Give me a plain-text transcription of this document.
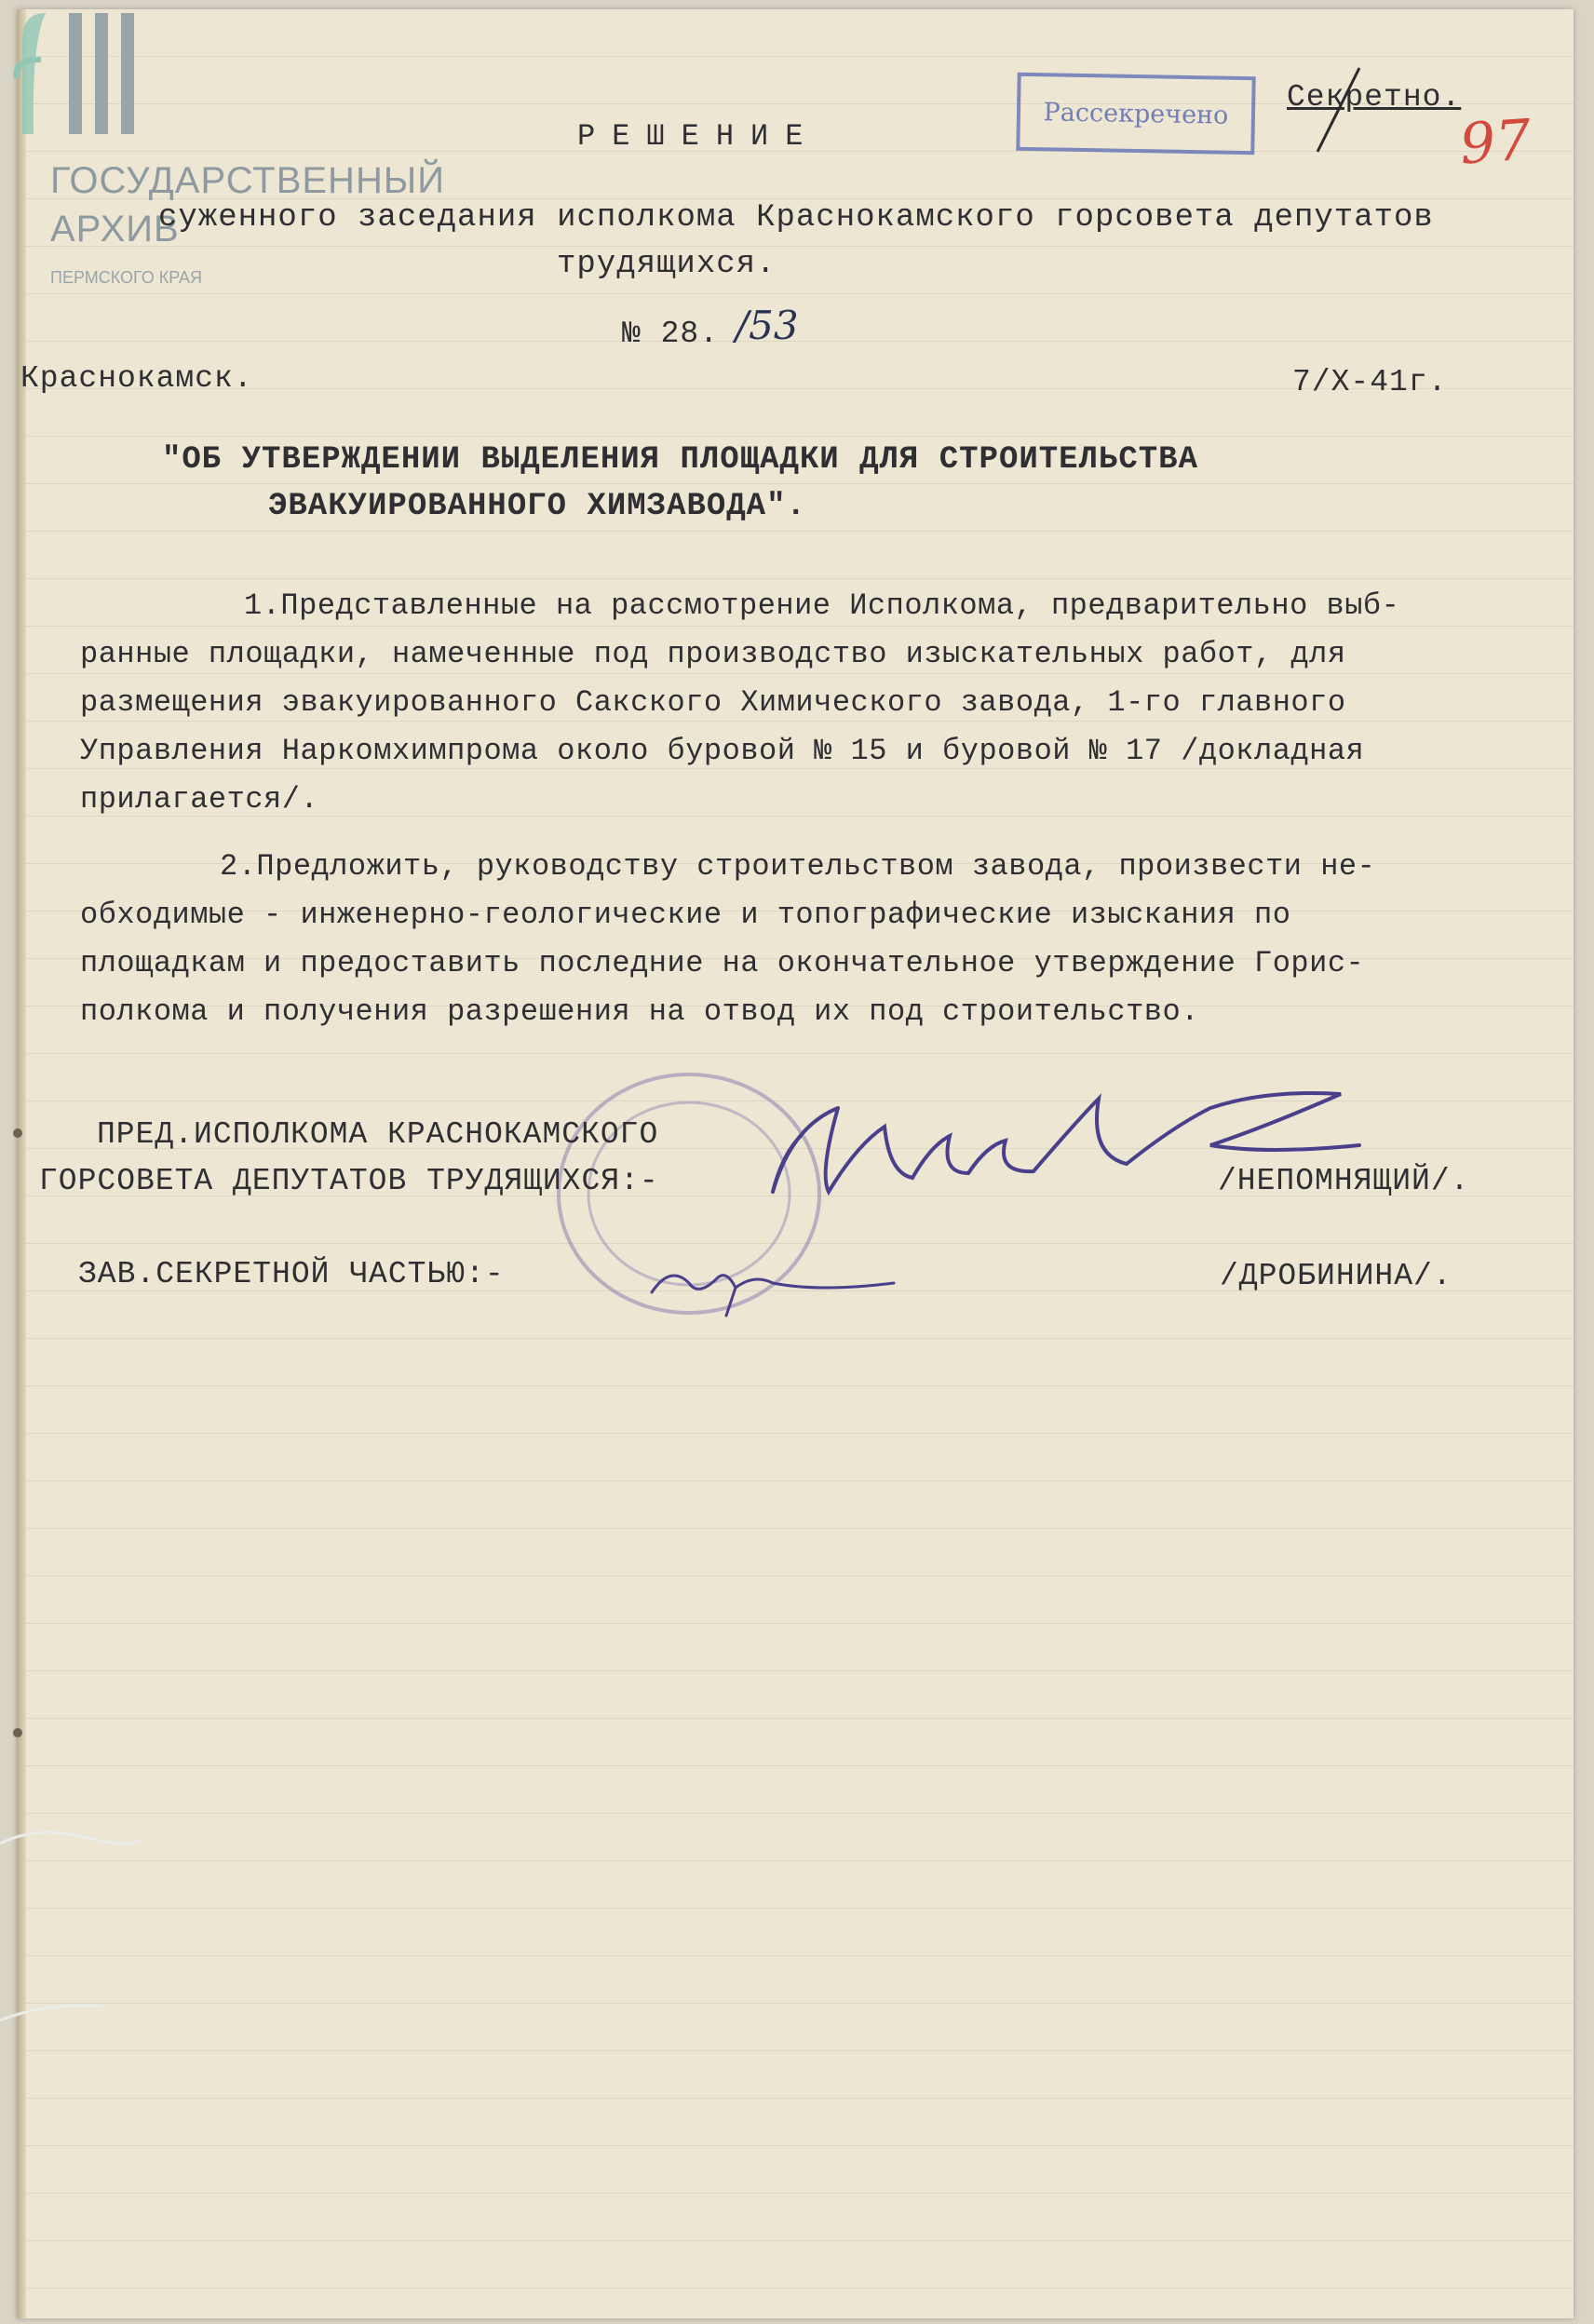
ГОСУДАРСТВЕННЫЙ
АРХИВ
ПЕРМСКОГО КРАЯ
Рассекречено	Секретно.
97
РЕШЕНИЕ
суженного заседания исполкома Краснокамского горсовета депутатов
трудящихся.
№ 28. /53
Краснокамск.	7/Х-41г.
"ОБ УТВЕРЖДЕНИИ ВЫДЕЛЕНИЯ ПЛОЩАДКИ ДЛЯ СТРОИТЕЛЬСТВА
ЭВАКУИРОВАННОГО ХИМЗАВОДА".
1.Представленные на рассмотрение Исполкома, предварительно выб-
ранные площадки, намеченные под производство изыскательных работ, для
размещения эвакуированного Сакского Химического завода, 1-го главного
Управления Наркомхимпрома около буровой № 15 и буровой № 17 /докладная
прилагается/.
2.Предложить, руководству строительством завода, произвести не-
обходимые - инженерно-геологические и топографические изыскания по
площадкам и предоставить последние на окончательное утверждение Горис-
полкома и получения разрешения на отвод их под строительство.
ПРЕД.ИСПОЛКОМА КРАСНОКАМСКОГО
ГОРСОВЕТА ДЕПУТАТОВ ТРУДЯЩИХСЯ:-	/НЕПОМНЯЩИЙ/.
ЗАВ.СЕКРЕТНОЙ ЧАСТЬЮ:-	/ДРОБИНИНА/.
